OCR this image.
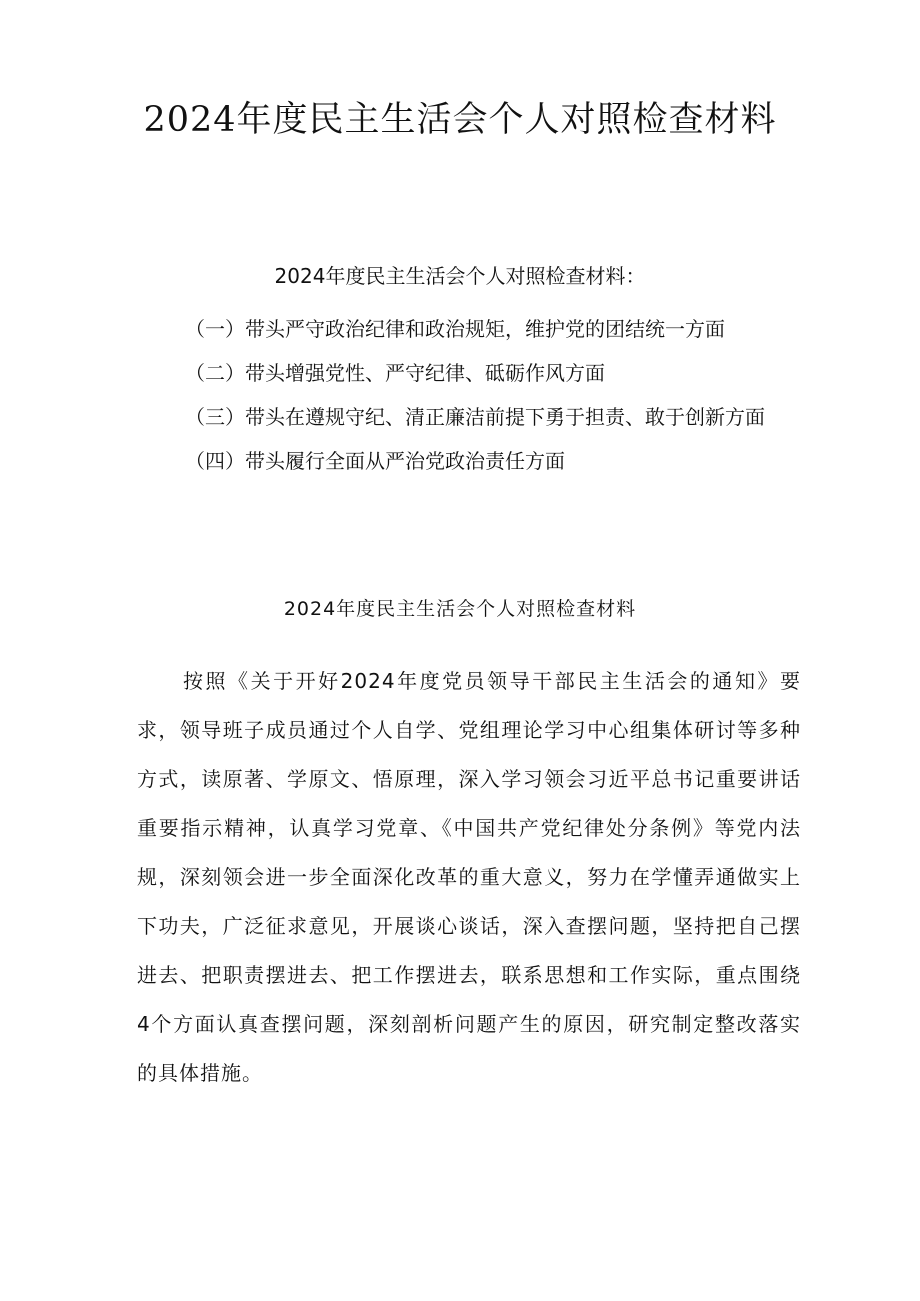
2024年度民主生活会个人对照检查材料
2024年度民主生活会个人对照检查材料：
（一）带头严守政治纪律和政治规矩，维护党的团结统一方面
（二）带头增强党性、严守纪律、砥砺作风方面
（三）带头在遵规守纪、清正廉洁前提下勇于担责、敢于创新方面
（四）带头履行全面从严治党政治责任方面
2024年度民主生活会个人对照检查材料

按照《关于开好2024年度党员领导干部民主生活会的通知》要求，领导班子成员通过个人自学、党组理论学习中心组集体研讨等多种方式，读原著、学原文、悟原理，深入学习领会习近平总书记重要讲话重要指示精神，认真学习党章、《中国共产党纪律处分条例》等党内法规，深刻领会进一步全面深化改革的重大意义，努力在学懂弄通做实上下功夫，广泛征求意见，开展谈心谈话，深入查摆问题，坚持把自己摆进去、把职责摆进去、把工作摆进去，联系思想和工作实际，重点围绕4个方面认真查摆问题，深刻剖析问题产生的原因，研究制定整改落实的具体措施。
